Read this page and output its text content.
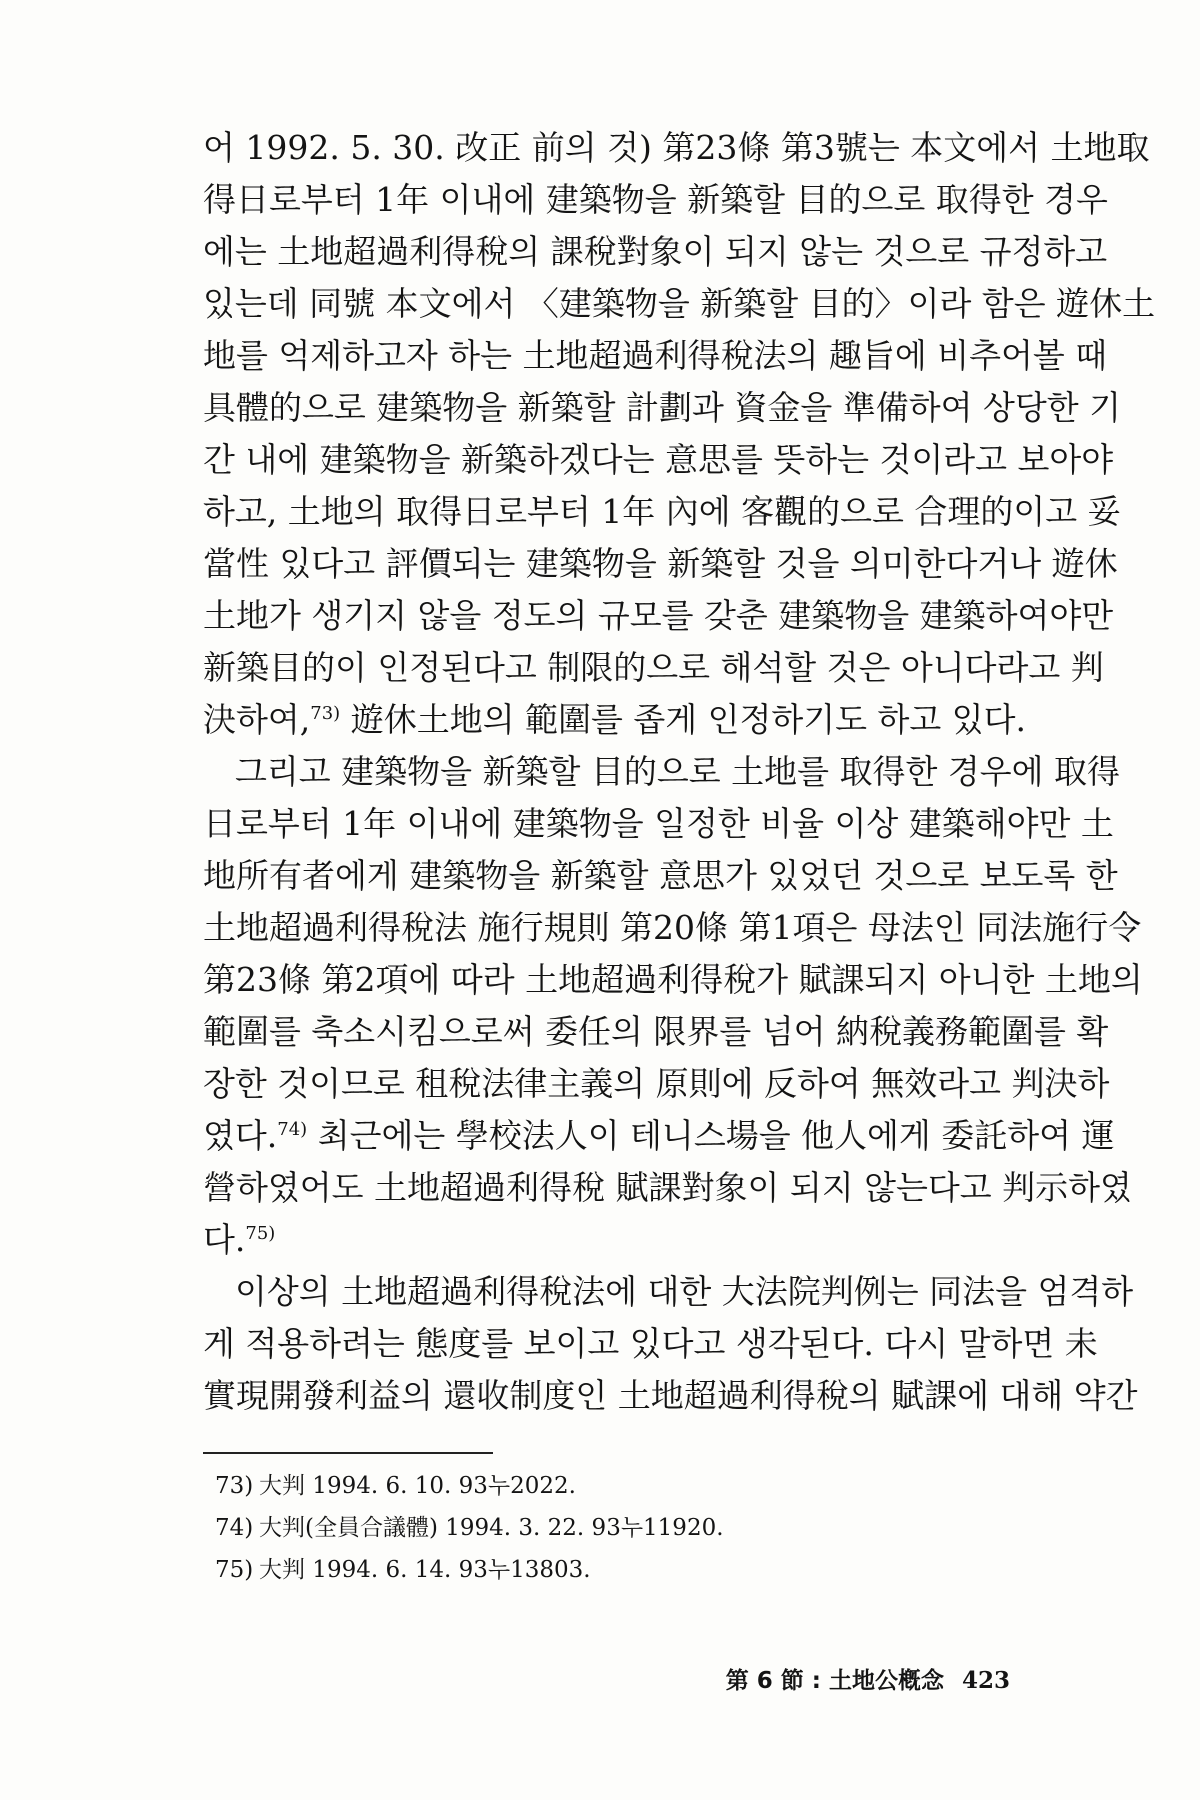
어 1992. 5. 30. 改正 前의 것) 第23條 第3號는 本文에서 土地取
得日로부터 1年 이내에 建築物을 新築할 目的으로 取得한 경우
에는 土地超過利得稅의 課稅對象이 되지 않는 것으로 규정하고
있는데 同號 本文에서 〈建築物을 新築할 目的〉이라 함은 遊休土
地를 억제하고자 하는 土地超過利得稅法의 趣旨에 비추어볼 때
具體的으로 建築物을 新築할 計劃과 資金을 準備하여 상당한 기
간 내에 建築物을 新築하겠다는 意思를 뜻하는 것이라고 보아야
하고, 土地의 取得日로부터 1年 內에 客觀的으로 合理的이고 妥
當性 있다고 評價되는 建築物을 新築할 것을 의미한다거나 遊休
土地가 생기지 않을 정도의 규모를 갖춘 建築物을 建築하여야만
新築目的이 인정된다고 制限的으로 해석할 것은 아니다라고 判
決하여,$^{73)}$ 遊休土地의 範圍를 좁게 인정하기도 하고 있다.
그리고 建築物을 新築할 目的으로 土地를 取得한 경우에 取得
日로부터 1年 이내에 建築物을 일정한 비율 이상 建築해야만 土
地所有者에게 建築物을 新築할 意思가 있었던 것으로 보도록 한
土地超過利得稅法 施行規則 第20條 第1項은 母法인 同法施行令
第23條 第2項에 따라 土地超過利得稅가 賦課되지 아니한 土地의
範圍를 축소시킴으로써 委任의 限界를 넘어 納稅義務範圍를 확
장한 것이므로 租稅法律主義의 原則에 反하여 無效라고 判決하
였다.$^{74)}$ 최근에는 學校法人이 테니스場을 他人에게 委託하여 運
營하였어도 土地超過利得稅 賦課對象이 되지 않는다고 判示하였
다.$^{75)}$
이상의 土地超過利得稅法에 대한 大法院判例는 同法을 엄격하
게 적용하려는 態度를 보이고 있다고 생각된다. 다시 말하면 未
實現開發利益의 還收制度인 土地超過利得稅의 賦課에 대해 약간
73) 大判 1994. 6. 10. 93누2022.
74) 大判(全員合議體) 1994. 3. 22. 93누11920.
75) 大判 1994. 6. 14. 93누13803.
第 6 節 : 土地公槪念 423
